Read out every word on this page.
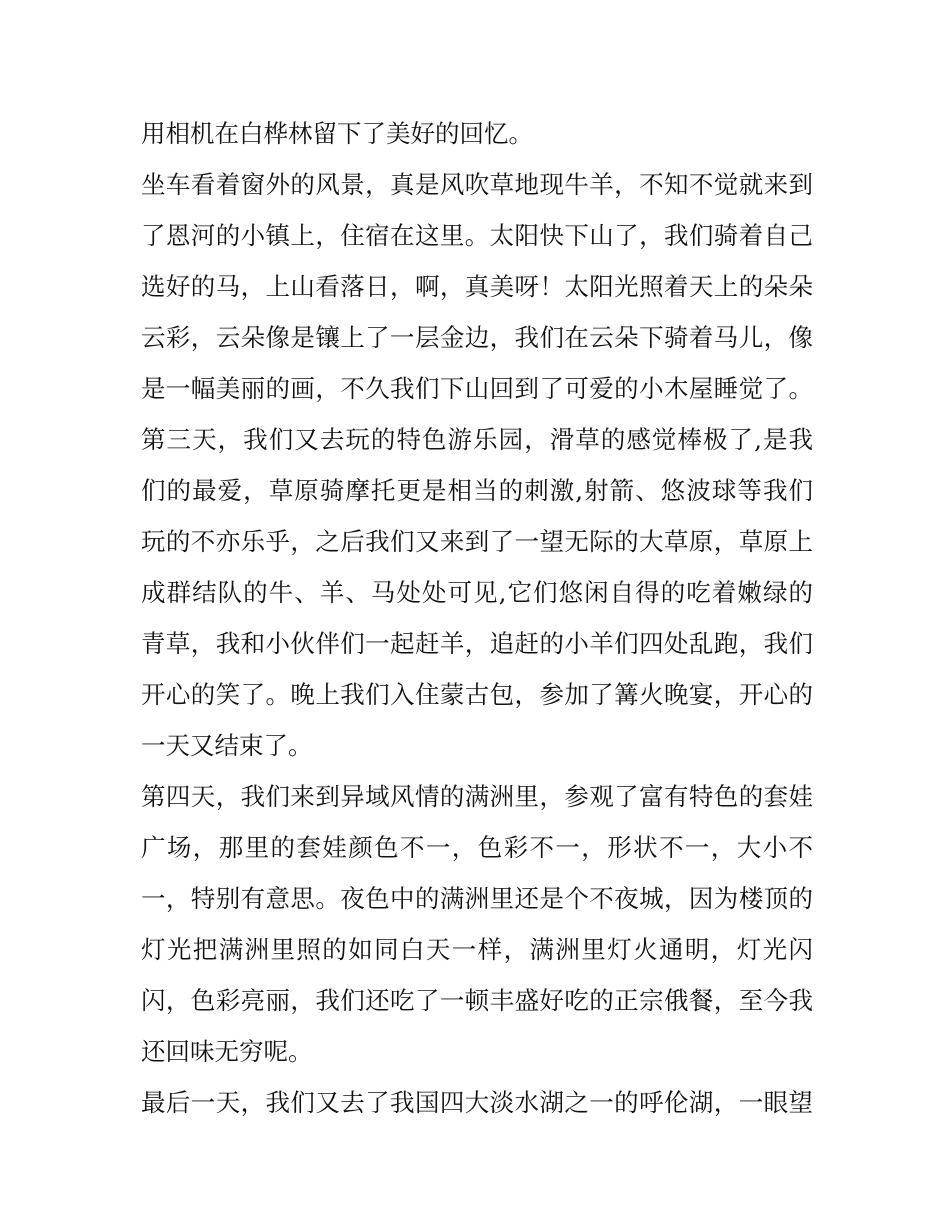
用相机在白桦林留下了美好的回忆。
坐车看着窗外的风景，真是风吹草地现牛羊，不知不觉就来到
了恩河的小镇上，住宿在这里。太阳快下山了，我们骑着自己
选好的马，上山看落日，啊，真美呀！太阳光照着天上的朵朵
云彩，云朵像是镶上了一层金边，我们在云朵下骑着马儿，像
是一幅美丽的画，不久我们下山回到了可爱的小木屋睡觉了。
第三天，我们又去玩的特色游乐园，滑草的感觉棒极了,是我
们的最爱，草原骑摩托更是相当的刺激,射箭、悠波球等我们
玩的不亦乐乎，之后我们又来到了一望无际的大草原，草原上
成群结队的牛、羊、马处处可见,它们悠闲自得的吃着嫩绿的
青草，我和小伙伴们一起赶羊，追赶的小羊们四处乱跑，我们
开心的笑了。晚上我们入住蒙古包，参加了篝火晚宴，开心的
一天又结束了。
第四天，我们来到异域风情的满洲里，参观了富有特色的套娃
广场，那里的套娃颜色不一，色彩不一，形状不一，大小不
一，特别有意思。夜色中的满洲里还是个不夜城，因为楼顶的
灯光把满洲里照的如同白天一样，满洲里灯火通明，灯光闪
闪，色彩亮丽，我们还吃了一顿丰盛好吃的正宗俄餐，至今我
还回味无穷呢。
最后一天，我们又去了我国四大淡水湖之一的呼伦湖，一眼望
